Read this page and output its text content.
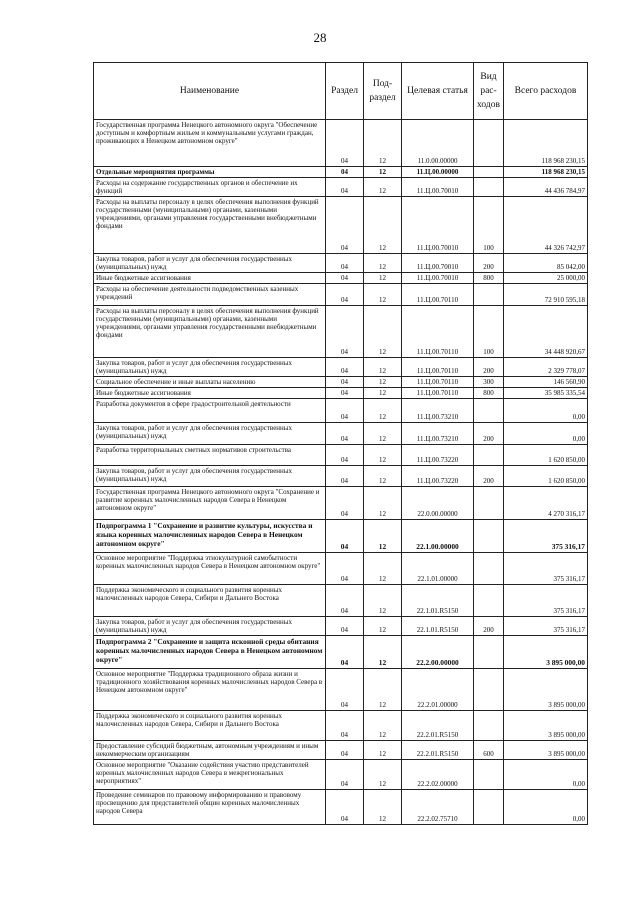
28
Наименование	Раздел	Под-раздел	Целевая статья	Вид рас-ходов	Всего расходов
Государственная программа Ненецкого автономного округа "Обеспечение доступным и комфортным жильем и коммунальными услугами граждан, проживающих в Ненецком автономном округе"	04	12	11.0.00.00000		118 968 230,15
Отдельные мероприятия программы	04	12	11.Ц.00.00000		118 968 230,15
Расходы на содержание государственных органов и обеспечение их функций	04	12	11.Ц.00.70010		44 436 784,97
Расходы на выплаты персоналу в целях обеспечения выполнения функций государственными (муниципальными) органами, казенными учреждениями, органами управления государственными внебюджетными фондами	04	12	11.Ц.00.70010	100	44 326 742,97
Закупка товаров, работ и услуг для обеспечения государственных (муниципальных) нужд	04	12	11.Ц.00.70010	200	85 042,00
Иные бюджетные ассигнования	04	12	11.Ц.00.70010	800	25 000,00
Расходы на обеспечение деятельности подведомственных казенных учреждений	04	12	11.Ц.00.70110		72 910 595,18
Расходы на выплаты персоналу в целях обеспечения выполнения функций государственными (муниципальными) органами, казенными учреждениями, органами управления государственными внебюджетными фондами	04	12	11.Ц.00.70110	100	34 448 920,67
Закупка товаров, работ и услуг для обеспечения государственных (муниципальных) нужд	04	12	11.Ц.00.70110	200	2 329 778,07
Социальное обеспечение и иные выплаты населению	04	12	11.Ц.00.70110	300	146 560,90
Иные бюджетные ассигнования	04	12	11.Ц.00.70110	800	35 985 335,54
Разработка документов в сфере градостроительной деятельности	04	12	11.Ц.00.73210		0,00
Закупка товаров, работ и услуг для обеспечения государственных (муниципальных) нужд	04	12	11.Ц.00.73210	200	0,00
Разработка территориальных сметных нормативов строительства	04	12	11.Ц.00.73220		1 620 850,00
Закупка товаров, работ и услуг для обеспечения государственных (муниципальных) нужд	04	12	11.Ц.00.73220	200	1 620 850,00
Государственная программа Ненецкого автономного округа "Сохранение и развитие коренных малочисленных народов Севера в Ненецком автономном округе"	04	12	22.0.00.00000		4 270 316,17
Подпрограмма 1 "Сохранение и развитие культуры, искусства и языка коренных малочисленных народов Севера в Ненецком автономном округе"	04	12	22.1.00.00000		375 316,17
Основное мероприятие "Поддержка этнокультурной самобытности коренных малочисленных народов Севера в Ненецком автономном округе"	04	12	22.1.01.00000		375 316,17
Поддержка экономического и социального развития коренных малочисленных народов Севера, Сибири и Дальнего Востока	04	12	22.1.01.R5150		375 316,17
Закупка товаров, работ и услуг для обеспечения государственных (муниципальных) нужд	04	12	22.1.01.R5150	200	375 316,17
Подпрограмма 2 "Сохранение и защита исконной среды обитания коренных малочисленных народов Севера в Ненецком автономном округе"	04	12	22.2.00.00000		3 895 000,00
Основное мероприятие "Поддержка традиционного образа жизни и традиционного хозяйствования коренных малочисленных народов Севера в Ненецком автономном округе"	04	12	22.2.01.00000		3 895 000,00
Поддержка экономического и социального развития коренных малочисленных народов Севера, Сибири и Дальнего Востока	04	12	22.2.01.R5150		3 895 000,00
Предоставление субсидий бюджетным, автономным учреждениям и иным некоммерческим организациям	04	12	22.2.01.R5150	600	3 895 000,00
Основное мероприятие "Оказание содействия участию представителей коренных малочисленных народов Севера в межрегиональных мероприятиях"	04	12	22.2.02.00000		0,00
Проведение семинаров по правовому информированию и правовому просвещению для представителей общин коренных малочисленных народов Севера	04	12	22.2.02.75710		0,00
